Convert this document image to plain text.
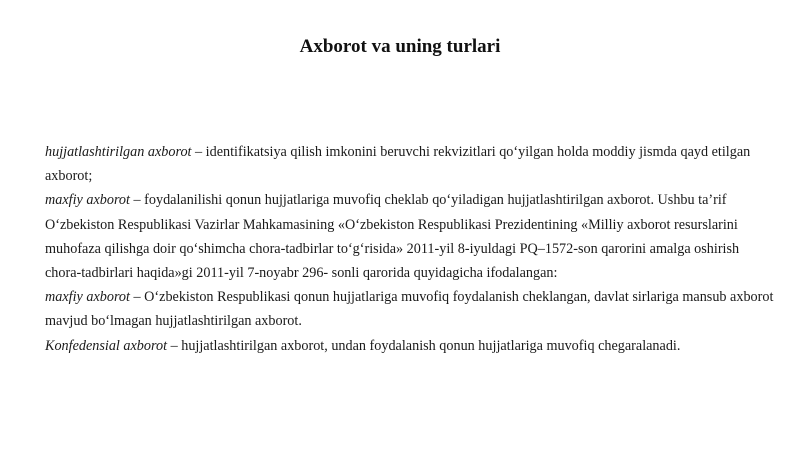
Axborot va uning turlari

hujjatlashtirilgan axborot – identifikatsiya qilish imkonini beruvchi rekvizitlari qo‘yilgan holda moddiy jismda qayd etilgan axborot;

maxfiy axborot – foydalanilishi qonun hujjatlariga muvofiq cheklab qo‘yiladigan hujjatlashtirilgan axborot. Ushbu ta’rif O‘zbekiston Respublikasi Vazirlar Mahkamasining «O‘zbekiston Respublikasi Prezidentining «Milliy axborot resurslarini muhofaza qilishga doir qo‘shimcha chora-tadbirlar to‘g‘risida» 2011-yil 8-iyuldagi PQ–1572-son qarorini amalga oshirish chora-tadbirlari haqida»gi 2011-yil 7-noyabr 296- sonli qarorida quyidagicha ifodalangan:

maxfiy axborot – O‘zbekiston Respublikasi qonun hujjatlariga muvofiq foydalanish cheklangan, davlat sirlariga mansub axborot mavjud bo‘lmagan hujjatlashtirilgan axborot.

Konfedensial axborot – hujjatlashtirilgan axborot, undan foydalanish qonun hujjatlariga muvofiq chegaralanadi.
